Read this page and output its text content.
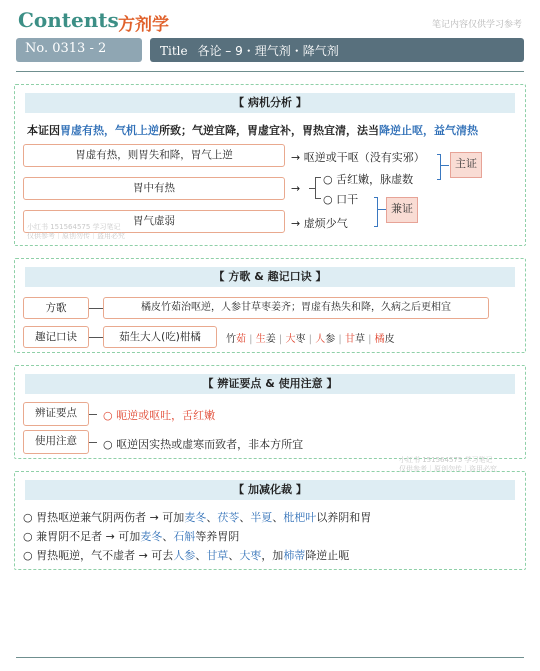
Contents 方剂学	笔记内容仅供学习参考
No. 0313 - 2	Title 各论 – 9・理气剂・降气剂
【 病机分析 】
本证因胃虚有热，气机上逆所致；气逆宜降，胃虚宜补，胃热宜清，法当降逆止呕，益气清热
胃虚有热，则胃失和降，胃气上逆
胃中有热
胃气虚弱
→ 呕逆或干呕（没有实邪）
→
○ 舌红嫩，脉虚数
○ 口干
→ 虚烦少气
主证
兼证
小红书 151564575 学习笔记
仅供参考｜原创勿传｜盗用必究
【 方歌 & 趣记口诀 】
方歌	橘皮竹茹治呕逆，人参甘草枣姜齐；胃虚有热失和降，久病之后更相宜
趣记口诀	茹生大人(吃)柑橘	竹茹 | 生姜 | 大枣 | 人参 | 甘草 | 橘皮
【 辨证要点 & 使用注意 】
辨证要点	○ 呃逆或呕吐，舌红嫩
使用注意	○ 呕逆因实热或虚寒而致者，非本方所宜
小红书 151564575 学习笔记
仅供参考｜原创勿传｜盗用必究
【 加减化裁 】
○ 胃热呕逆兼气阴两伤者 → 可加麦冬、茯苓、半夏、枇杷叶以养阴和胃
○ 兼胃阴不足者 → 可加麦冬、石斛等养胃阴
○ 胃热呃逆，气不虚者 → 可去人参、甘草、大枣，加柿蒂降逆止呃
